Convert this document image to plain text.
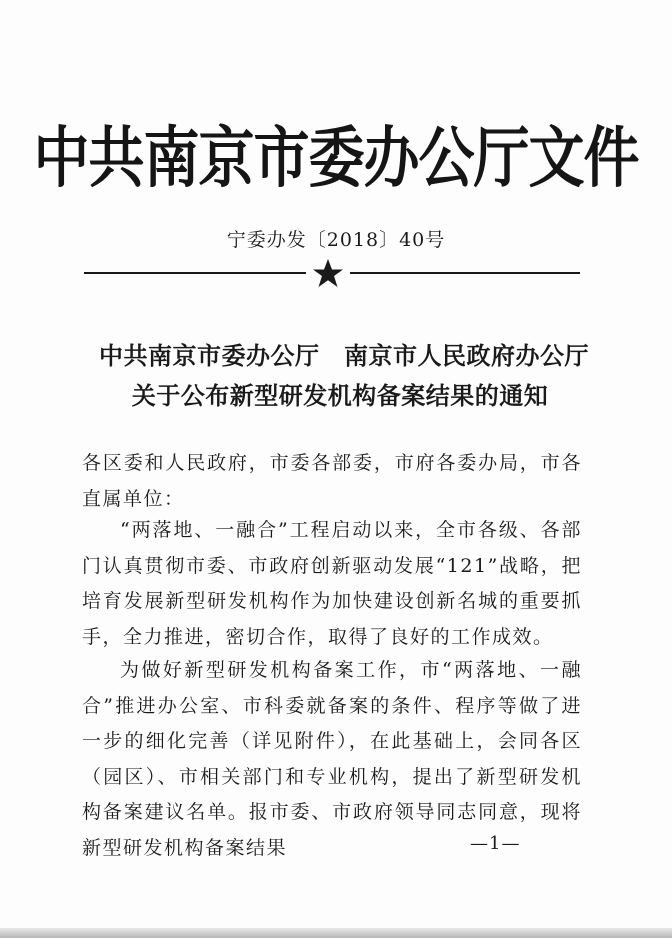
中共南京市委办公厅文件
宁委办发〔2018〕40号
中共南京市委办公厅　南京市人民政府办公厅
关于公布新型研发机构备案结果的通知
各区委和人民政府，市委各部委，市府各委办局，市各直属单位：
“两落地、一融合”工程启动以来，全市各级、各部门认真贯彻市委、市政府创新驱动发展“121”战略，把培育发展新型研发机构作为加快建设创新名城的重要抓手，全力推进，密切合作，取得了良好的工作成效。
为做好新型研发机构备案工作，市“两落地、一融合”推进办公室、市科委就备案的条件、程序等做了进一步的细化完善（详见附件），在此基础上，会同各区（园区）、市相关部门和专业机构，提出了新型研发机构备案建议名单。报市委、市政府领导同志同意，现将新型研发机构备案结果	—1—
